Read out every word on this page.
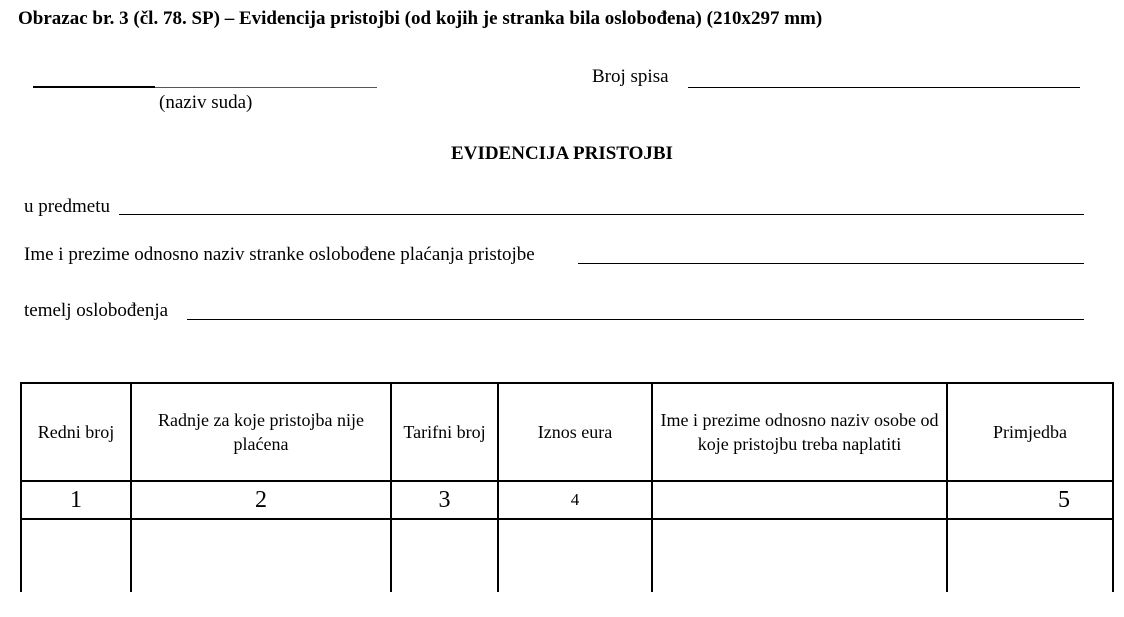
Obrazac br. 3 (čl. 78. SP) – Evidencija pristojbi (od kojih je stranka bila oslobođena) (210x297 mm)
(naziv suda)
Broj spisa
EVIDENCIJA PRISTOJBI
u predmetu
Ime i prezime odnosno naziv stranke oslobođene plaćanja pristojbe
temelj oslobođenja
Redni broj	Radnje za koje pristojba nije plaćena	Tarifni broj	Iznos eura	Ime i prezime odnosno naziv osobe od koje pristojbu treba naplatiti	Primjedba
1	2	3	4		5
